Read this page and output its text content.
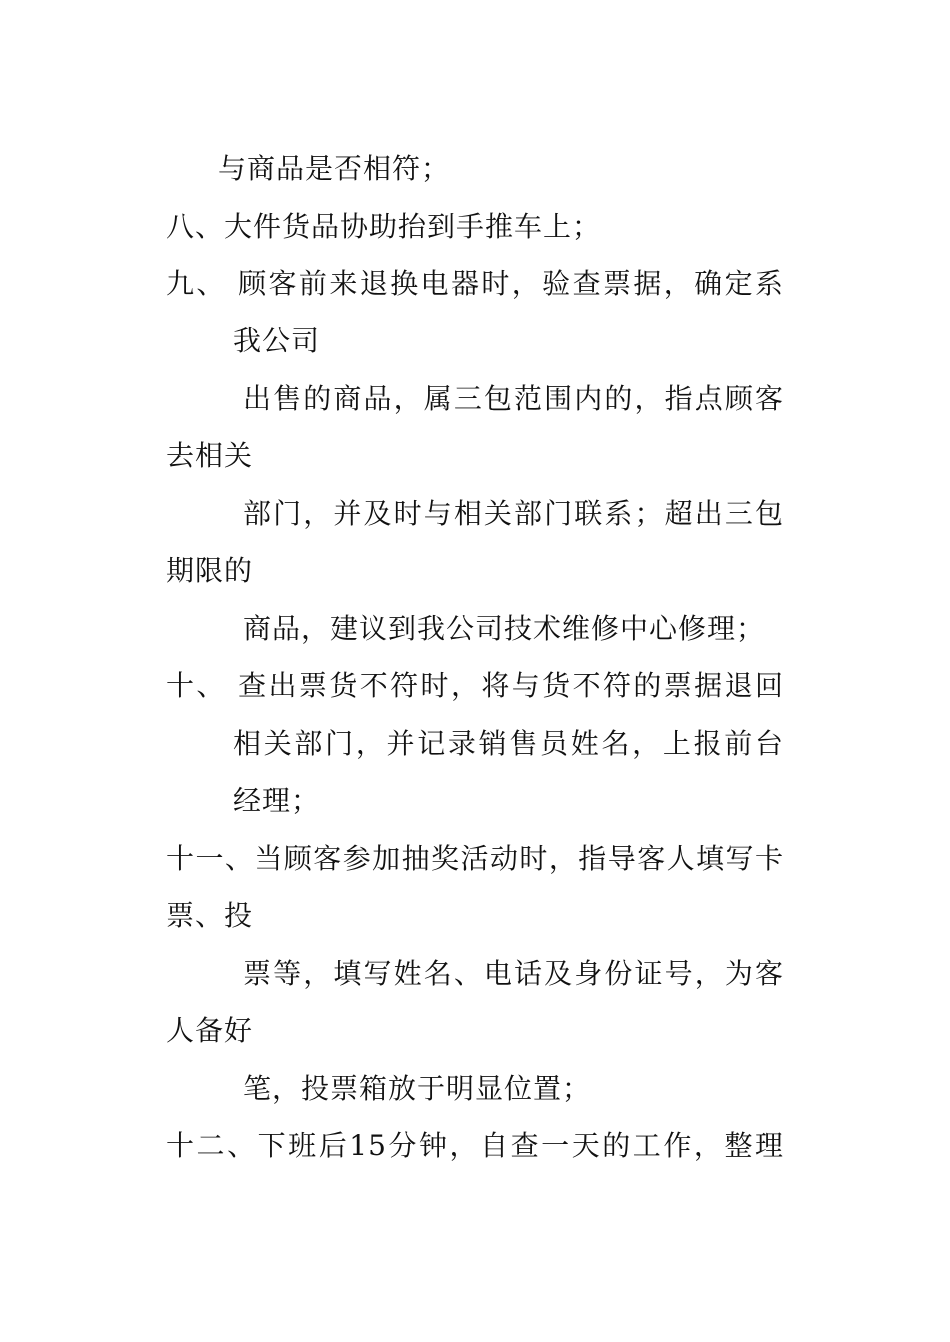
与商品是否相符；
八、大件货品协助抬到手推车上；
九、 顾客前来退换电器时，验查票据，确定系
我公司
出售的商品，属三包范围内的，指点顾客
去相关
部门，并及时与相关部门联系；超出三包
期限的
商品，建议到我公司技术维修中心修理；
十、 查出票货不符时，将与货不符的票据退回
相关部门，并记录销售员姓名，上报前台
经理；
十一、当顾客参加抽奖活动时，指导客人填写卡
票、投
票等，填写姓名、电话及身份证号，为客
人备好
笔，投票箱放于明显位置；
十二、下班后15分钟，自查一天的工作，整理
